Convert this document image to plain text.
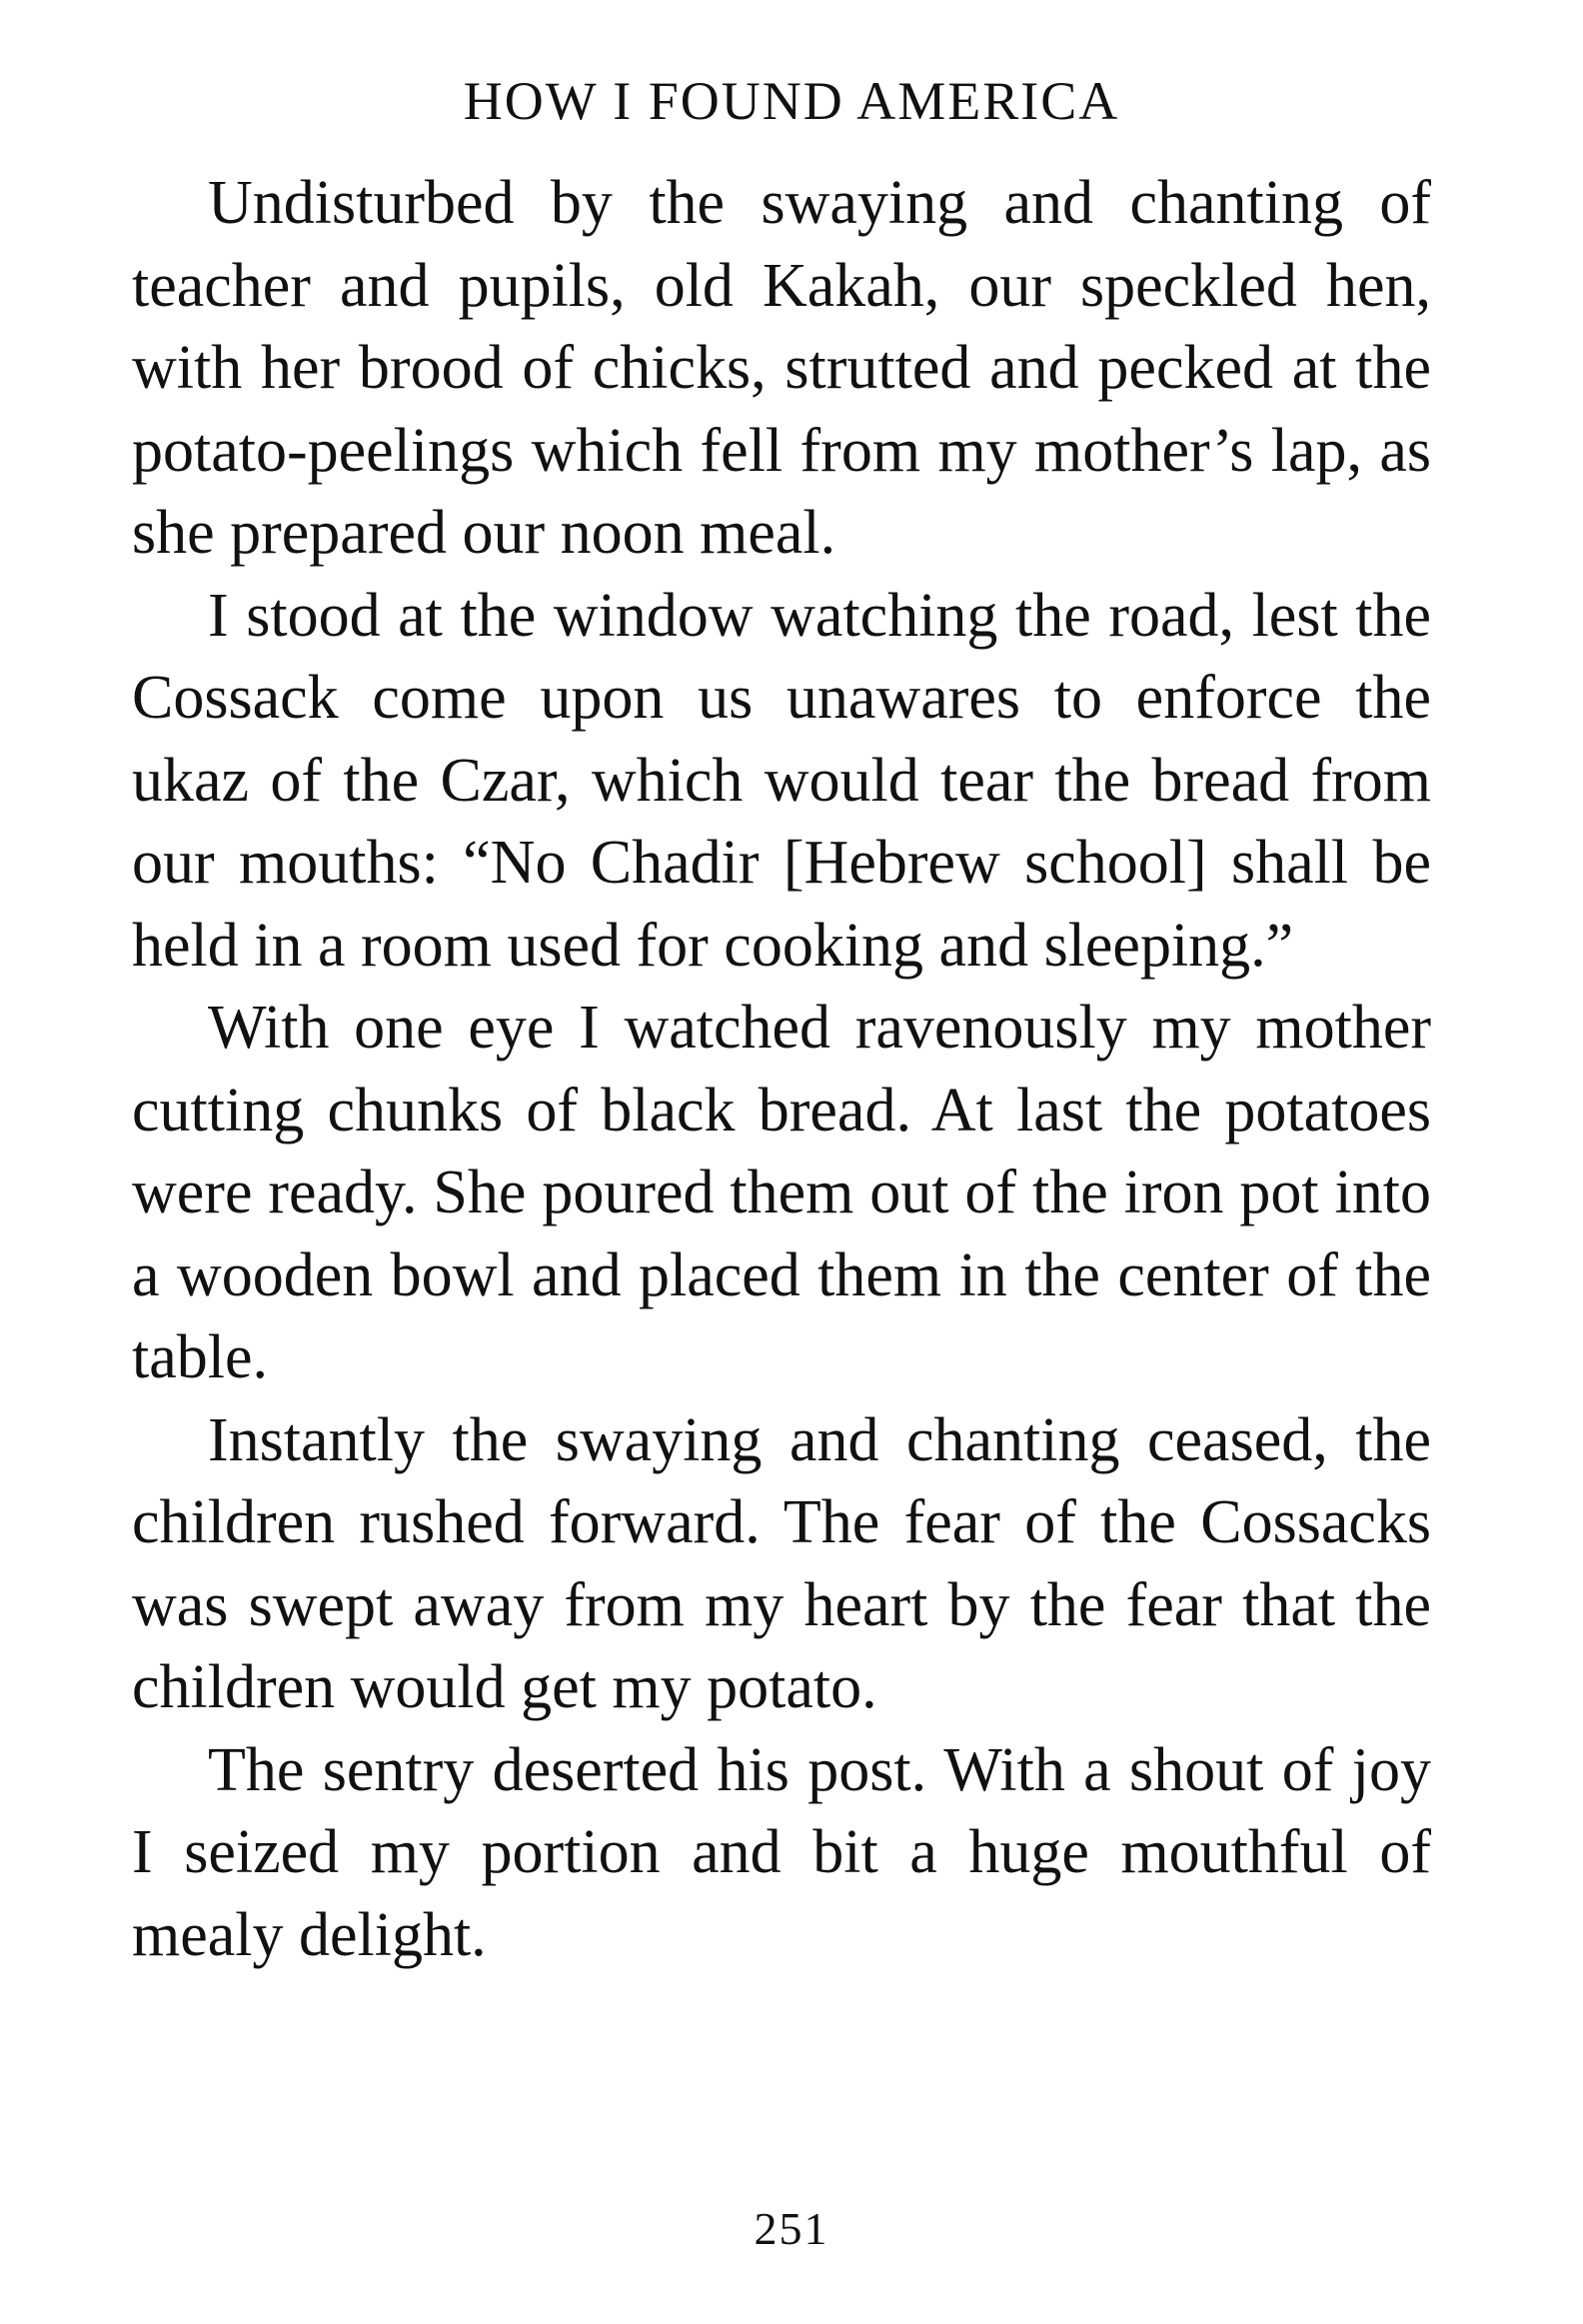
HOW I FOUND AMERICA

Undisturbed by the swaying and chanting of teacher and pupils, old Kakah, our speckled hen, with her brood of chicks, strutted and pecked at the potato-peelings which fell from my mother’s lap, as she prepared our noon meal.

I stood at the window watching the road, lest the Cossack come upon us unawares to enforce the ukaz of the Czar, which would tear the bread from our mouths: “No Chadir [Hebrew school] shall be held in a room used for cooking and sleeping.”

With one eye I watched ravenously my mother cutting chunks of black bread. At last the potatoes were ready. She poured them out of the iron pot into a wooden bowl and placed them in the center of the table.

Instantly the swaying and chanting ceased, the children rushed forward. The fear of the Cossacks was swept away from my heart by the fear that the children would get my potato.

The sentry deserted his post. With a shout of joy I seized my portion and bit a huge mouthful of mealy delight.

251
